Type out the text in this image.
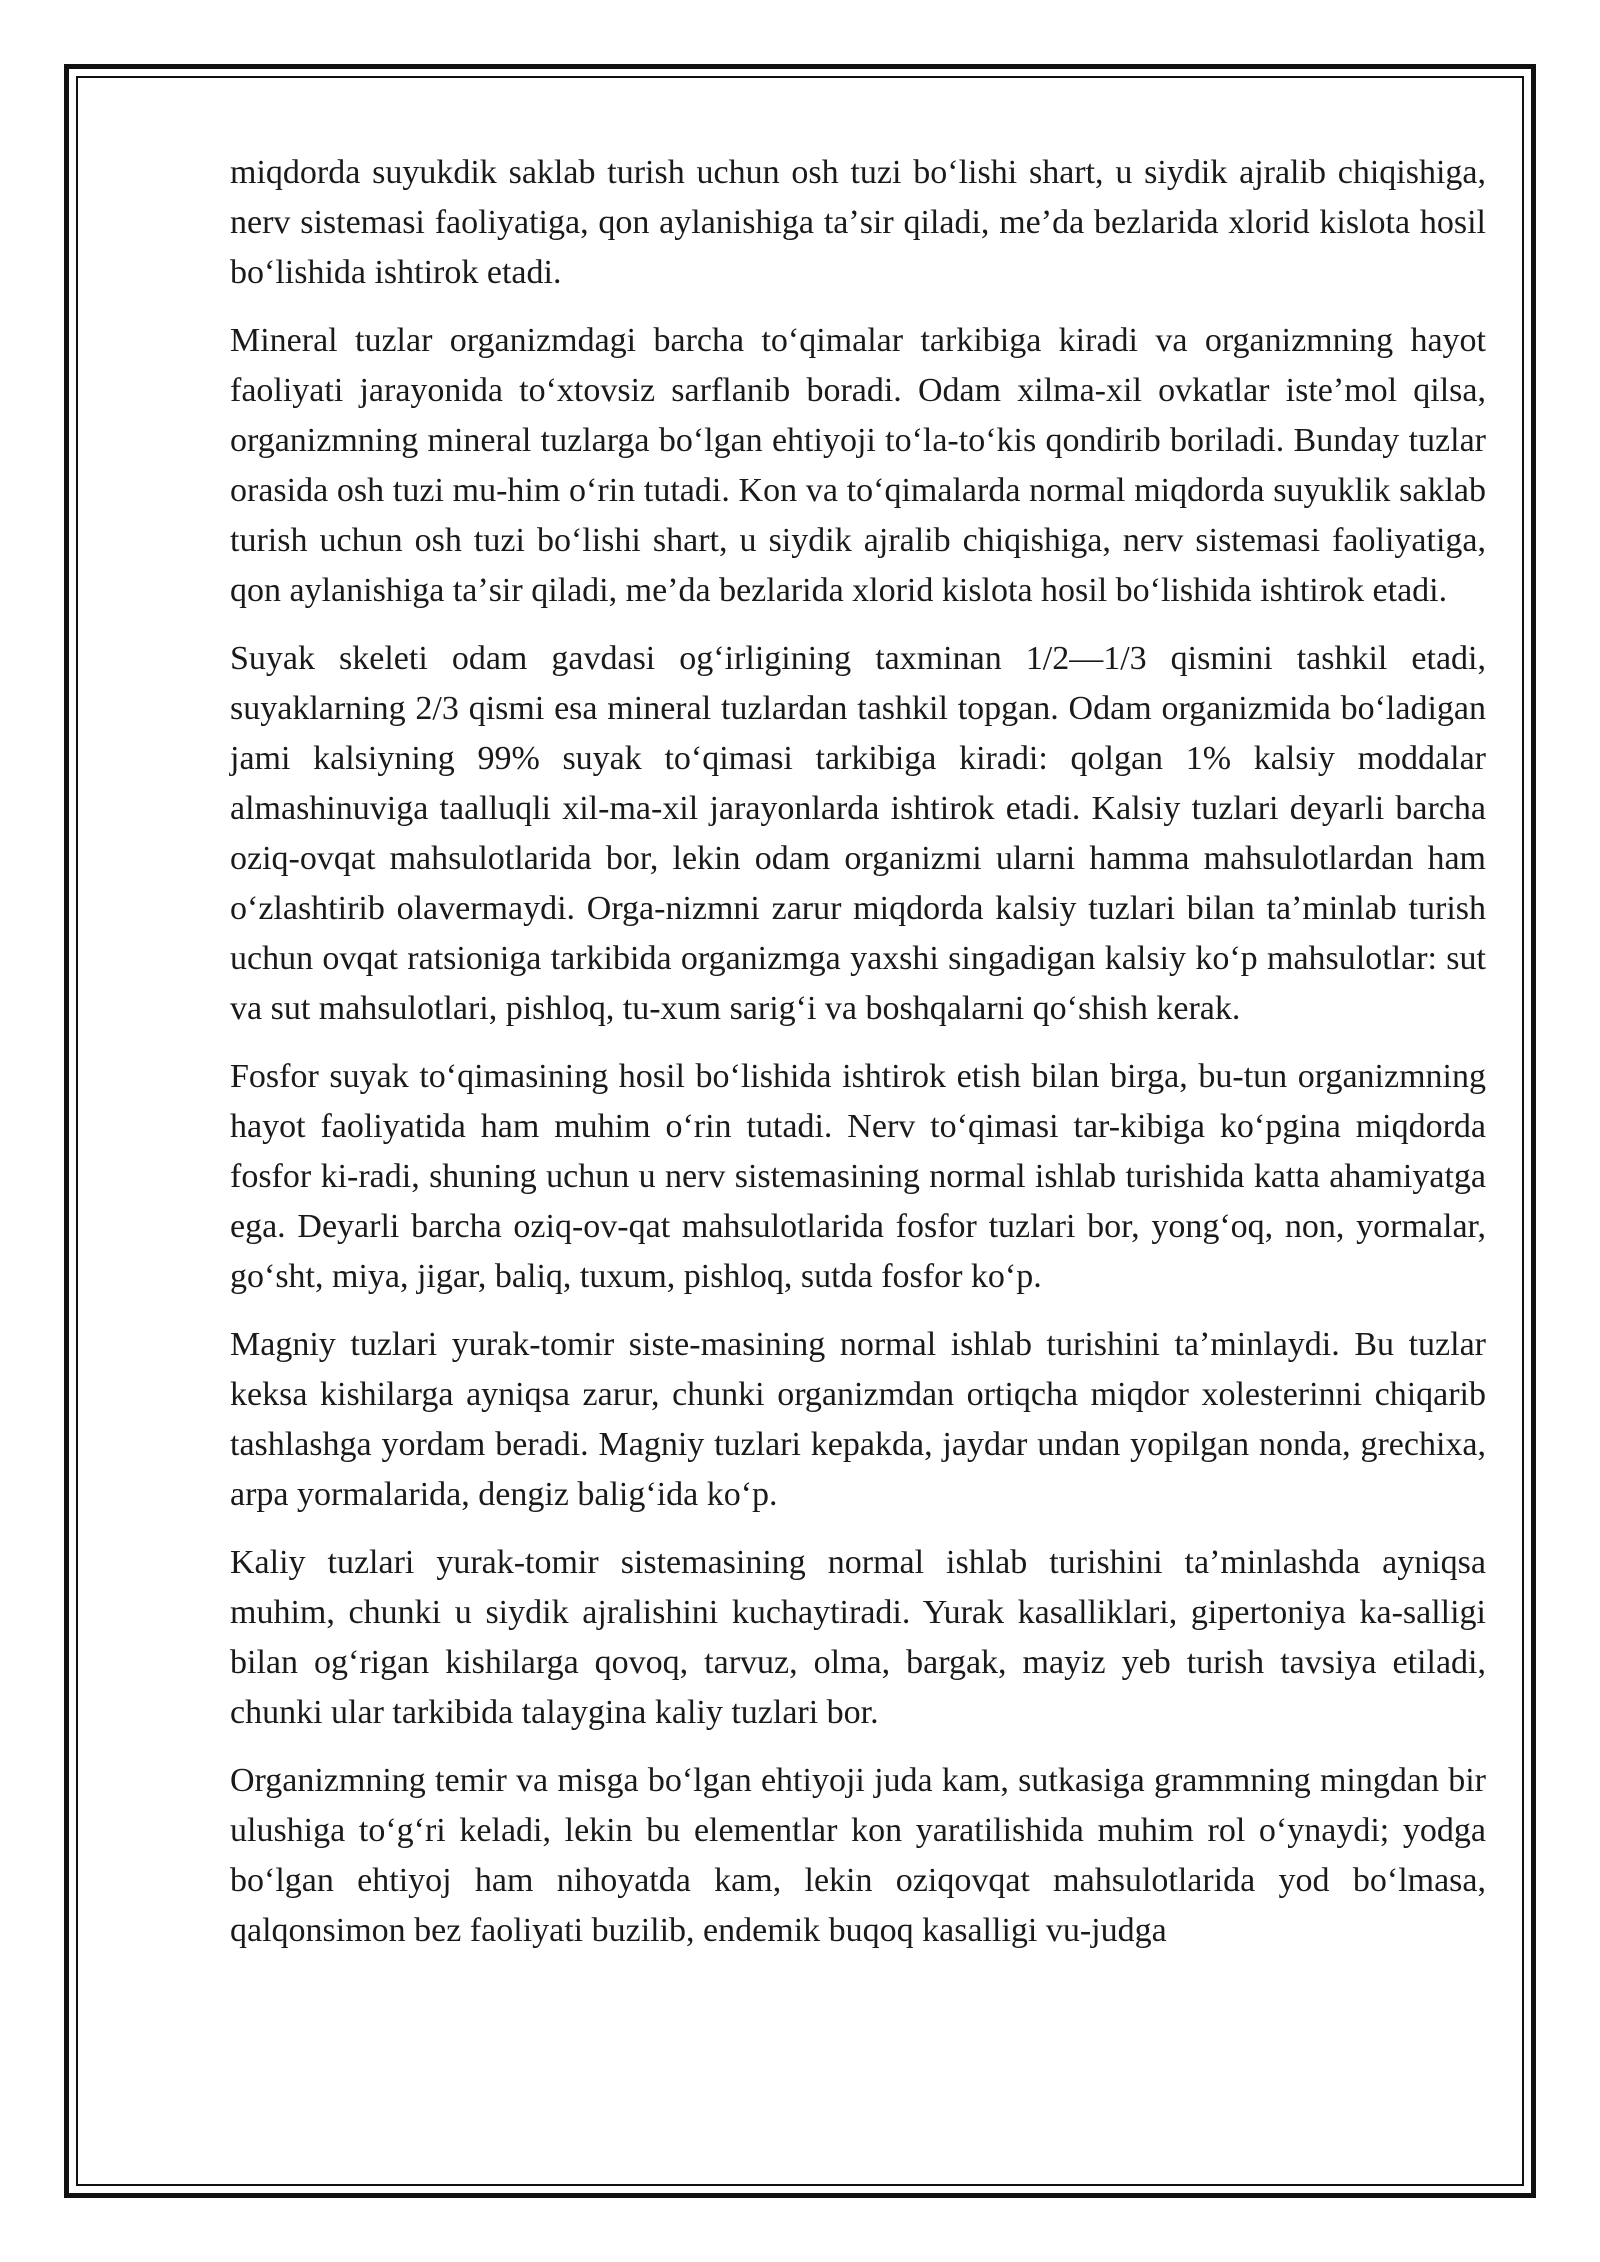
miqdorda suyukdik saklab turish uchun osh tuzi boʻlishi shart, u siydik ajralib chiqishiga, nerv sistemasi faoliyatiga, qon aylanishiga taʼsir qiladi, meʼda bezlarida xlorid kislota hosil boʻlishida ishtirok etadi.

Mineral tuzlar organizmdagi barcha toʻqimalar tarkibiga kiradi va organizmning hayot faoliyati jarayonida toʻxtovsiz sarflanib boradi. Odam xilma-xil ovkatlar isteʼmol qilsa, organizmning mineral tuzlarga boʻlgan ehtiyoji toʻla-toʻkis qondirib boriladi. Bunday tuzlar orasida osh tuzi mu-him oʻrin tutadi. Kon va toʻqimalarda normal miqdorda suyuklik saklab turish uchun osh tuzi boʻlishi shart, u siydik ajralib chiqishiga, nerv sistemasi faoliyatiga, qon aylanishiga taʼsir qiladi, meʼda bezlarida xlorid kislota hosil boʻlishida ishtirok etadi.

Suyak skeleti odam gavdasi ogʻirligining taxminan 1/2—1/3 qismini tashkil etadi, suyaklarning 2/3 qismi esa mineral tuzlardan tashkil topgan. Odam organizmida boʻladigan jami kalsiyning 99% suyak toʻqimasi tarkibiga kiradi: qolgan 1% kalsiy moddalar almashinuviga taalluqli xil-ma-xil jarayonlarda ishtirok etadi. Kalsiy tuzlari deyarli barcha oziq-ovqat mahsulotlarida bor, lekin odam organizmi ularni hamma mahsulotlardan ham oʻzlashtirib olavermaydi. Orga-nizmni zarur miqdorda kalsiy tuzlari bilan taʼminlab turish uchun ovqat ratsioniga tarkibida organizmga yaxshi singadigan kalsiy koʻp mahsulotlar: sut va sut mahsulotlari, pishloq, tu-xum sarigʻi va boshqalarni qoʻshish kerak.

Fosfor suyak toʻqimasining hosil boʻlishida ishtirok etish bilan birga, bu-tun organizmning hayot faoliyatida ham muhim oʻrin tutadi. Nerv toʻqimasi tar-kibiga koʻpgina miqdorda fosfor ki-radi, shuning uchun u nerv sistemasining normal ishlab turishida katta ahamiyatga ega. Deyarli barcha oziq-ov-qat mahsulotlarida fosfor tuzlari bor, yongʻoq, non, yormalar, goʻsht, miya, jigar, baliq, tuxum, pishloq, sutda fosfor koʻp.

Magniy tuzlari yurak-tomir siste-masining normal ishlab turishini taʼminlaydi. Bu tuzlar keksa kishilarga ayniqsa zarur, chunki organizmdan ortiqcha miqdor xolesterinni chiqarib tashlashga yordam beradi. Magniy tuzlari kepakda, jaydar undan yopilgan nonda, grechixa, arpa yormalarida, dengiz baligʻida koʻp.

Kaliy tuzlari yurak-tomir sistemasining normal ishlab turishini taʼminlashda ayniqsa muhim, chunki u siydik ajralishini kuchaytiradi. Yurak kasalliklari, gipertoniya ka-salligi bilan ogʻrigan kishilarga qovoq, tarvuz, olma, bargak, mayiz yeb turish tavsiya etiladi, chunki ular tarkibida talaygina kaliy tuzlari bor.

Organizmning temir va misga boʻlgan ehtiyoji juda kam, sutkasiga grammning mingdan bir ulushiga toʻgʻri keladi, lekin bu elementlar kon yaratilishida muhim rol oʻynaydi; yodga boʻlgan ehtiyoj ham nihoyatda kam, lekin oziqovqat mahsulotlarida yod boʻlmasa, qalqonsimon bez faoliyati buzilib, endemik buqoq kasalligi vu-judga
